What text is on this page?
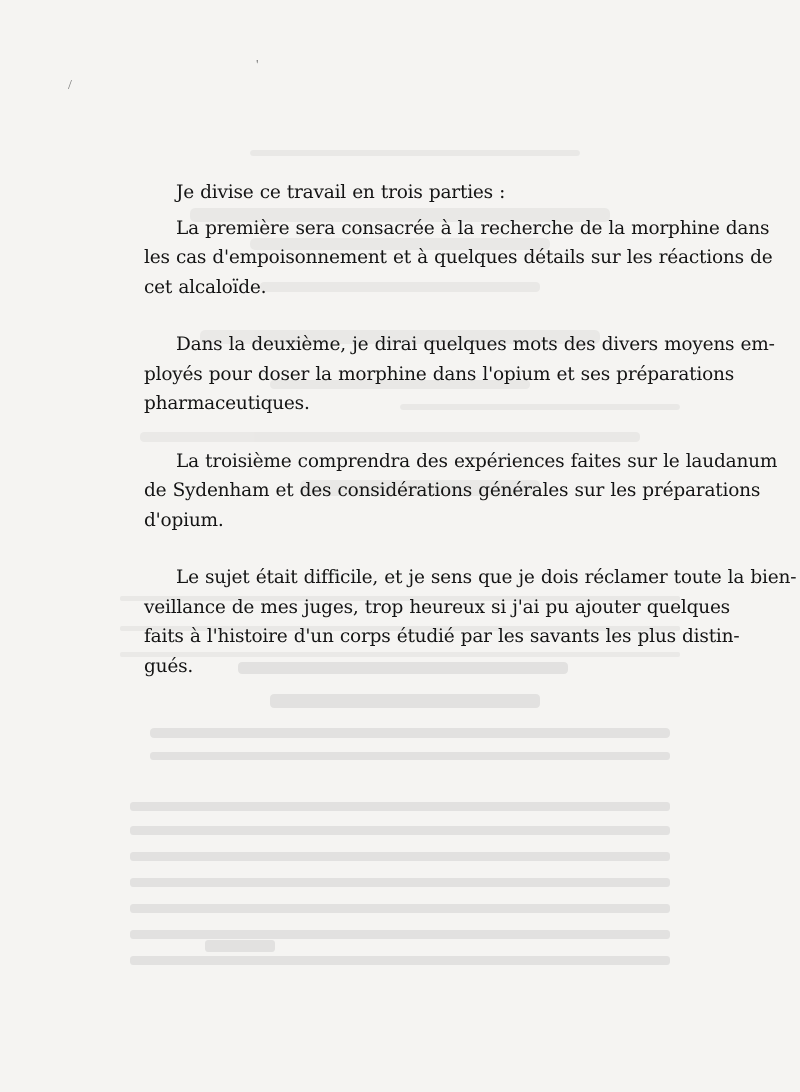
/
'

Je divise ce travail en trois parties :

La première sera consacrée à la recherche de la morphine dans
les cas d'empoisonnement et à quelques détails sur les réactions de
cet alcaloïde.

Dans la deuxième, je dirai quelques mots des divers moyens em-
ployés pour doser la morphine dans l'opium et ses préparations
pharmaceutiques.

La troisième comprendra des expériences faites sur le laudanum
de Sydenham et des considérations générales sur les préparations
d'opium.

Le sujet était difficile, et je sens que je dois réclamer toute la bien-
veillance de mes juges, trop heureux si j'ai pu ajouter quelques
faits à l'histoire d'un corps étudié par les savants les plus distin-
gués.
